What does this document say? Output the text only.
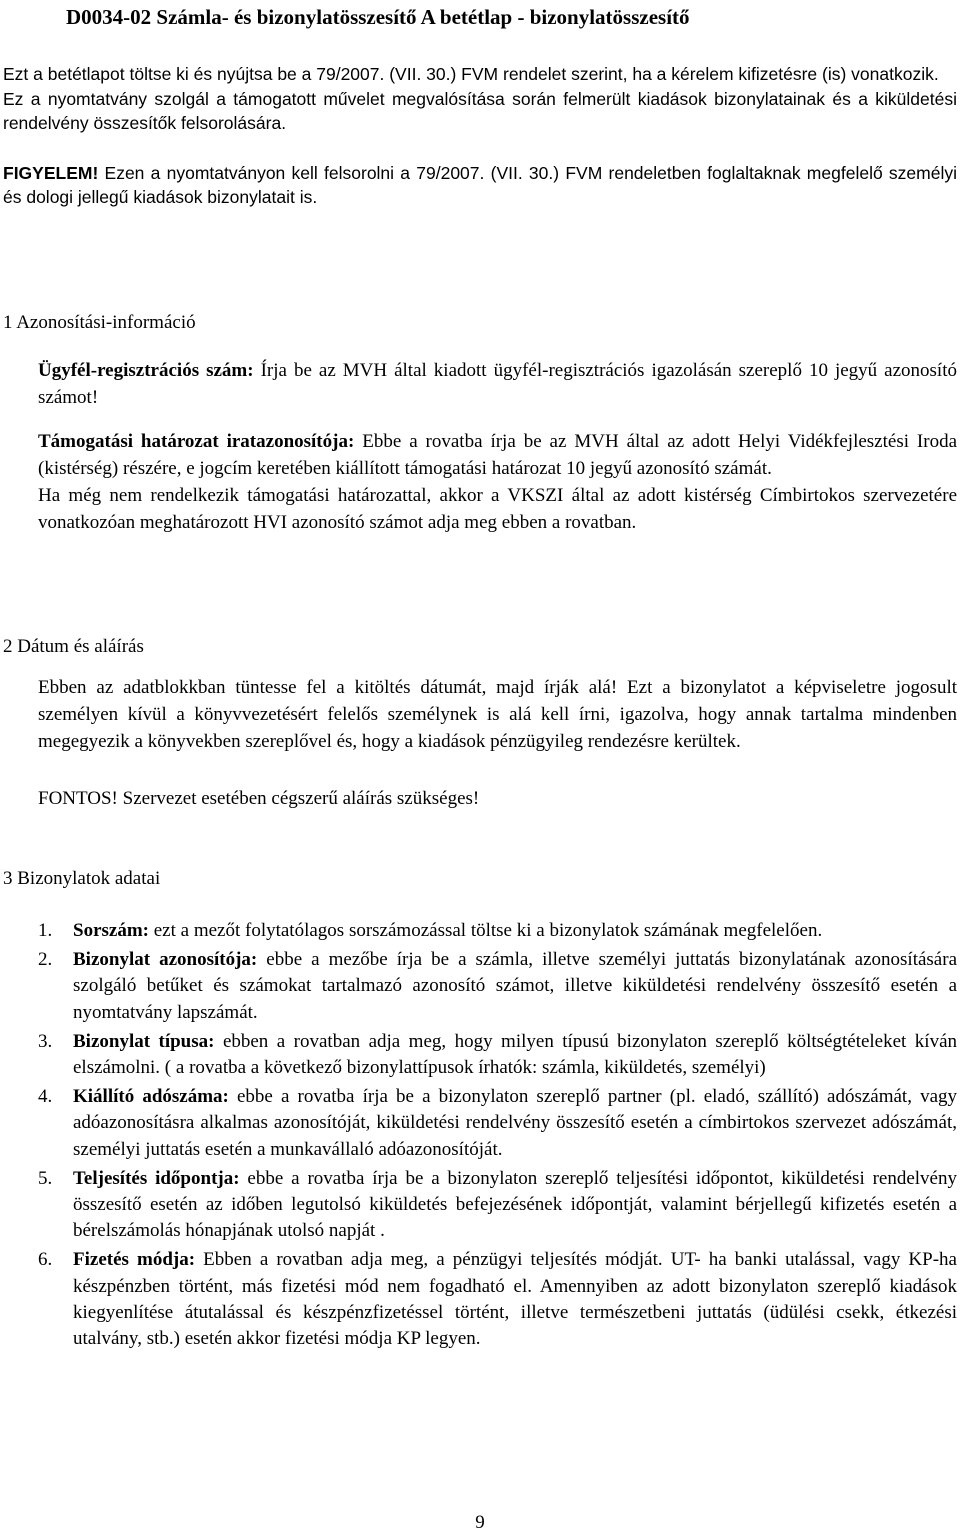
D0034-02 Számla- és bizonylatösszesítő A betétlap - bizonylatösszesítő

Ezt a betétlapot töltse ki és nyújtsa be a 79/2007. (VII. 30.) FVM rendelet szerint, ha a kérelem kifizetésre (is) vonatkozik.

Ez a nyomtatvány szolgál a támogatott művelet megvalósítása során felmerült kiadások bizonylatainak és a kiküldetési rendelvény összesítők felsorolására.

FIGYELEM! Ezen a nyomtatványon kell felsorolni a 79/2007. (VII. 30.) FVM rendeletben foglaltaknak megfelelő személyi és dologi jellegű kiadások bizonylatait is.

1 Azonosítási-információ

Ügyfél-regisztrációs szám: Írja be az MVH által kiadott ügyfél-regisztrációs igazolásán szereplő 10 jegyű azonosító számot!

Támogatási határozat iratazonosítója: Ebbe a rovatba írja be az MVH által az adott Helyi Vidékfejlesztési Iroda (kistérség) részére, e jogcím keretében kiállított támogatási határozat 10 jegyű azonosító számát.

Ha még nem rendelkezik támogatási határozattal, akkor a VKSZI által az adott kistérség Címbirtokos szervezetére vonatkozóan meghatározott HVI azonosító számot adja meg ebben a rovatban.

2 Dátum és aláírás

Ebben az adatblokkban tüntesse fel a kitöltés dátumát, majd írják alá! Ezt a bizonylatot a képviseletre jogosult személyen kívül a könyvvezetésért felelős személynek is alá kell írni, igazolva, hogy annak tartalma mindenben megegyezik a könyvekben szereplővel és, hogy a kiadások pénzügyileg rendezésre kerültek.

FONTOS! Szervezet esetében cégszerű aláírás szükséges!

3 Bizonylatok adatai
1.	Sorszám: ezt a mezőt folytatólagos sorszámozással töltse ki a bizonylatok számának megfelelően.
2.	Bizonylat azonosítója: ebbe a mezőbe írja be a számla, illetve személyi juttatás bizonylatának azonosítására szolgáló betűket és számokat tartalmazó azonosító számot, illetve kiküldetési rendelvény összesítő esetén a nyomtatvány lapszámát.
3.	Bizonylat típusa: ebben a rovatban adja meg, hogy milyen típusú bizonylaton szereplő költségtételeket kíván elszámolni. ( a rovatba a következő bizonylattípusok írhatók: számla, kiküldetés, személyi)
4.	Kiállító adószáma: ebbe a rovatba írja be a bizonylaton szereplő partner (pl. eladó, szállító) adószámát, vagy adóazonosításra alkalmas azonosítóját, kiküldetési rendelvény összesítő esetén a címbirtokos szervezet adószámát, személyi juttatás esetén a munkavállaló adóazonosítóját.
5.	Teljesítés időpontja: ebbe a rovatba írja be a bizonylaton szereplő teljesítési időpontot, kiküldetési rendelvény összesítő esetén az időben legutolsó kiküldetés befejezésének időpontját, valamint bérjellegű kifizetés esetén a bérelszámolás hónapjának utolsó napját .
6.	Fizetés módja: Ebben a rovatban adja meg, a pénzügyi teljesítés módját. UT- ha banki utalással, vagy KP-ha készpénzben történt, más fizetési mód nem fogadható el. Amennyiben az adott bizonylaton szereplő kiadások kiegyenlítése átutalással és készpénzfizetéssel történt, illetve természetbeni juttatás (üdülési csekk, étkezési utalvány, stb.) esetén akkor fizetési módja KP legyen.
9
